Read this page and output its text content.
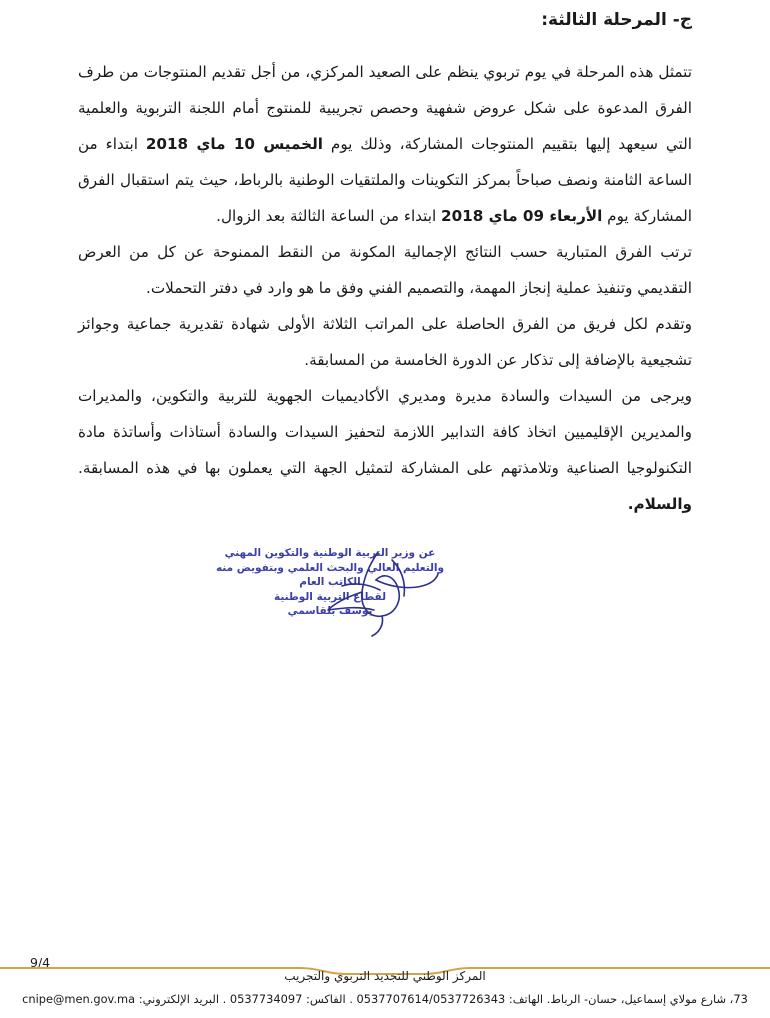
ج- المرحلة الثالثة:

تتمثل هذه المرحلة في يوم تربوي ينظم على الصعيد المركزي، من أجل تقديم المنتوجات من طرف الفرق المدعوة على شكل عروض شفهية وحصص تجريبية للمنتوج أمام اللجنة التربوية والعلمية التي سيعهد إليها بتقييم المنتوجات المشاركة، وذلك يوم الخميس 10 ماي 2018 ابتداء من الساعة الثامنة ونصف صباحاً بمركز التكوينات والملتقيات الوطنية بالرباط، حيث يتم استقبال الفرق المشاركة يوم الأربعاء 09 ماي 2018 ابتداء من الساعة الثالثة بعد الزوال.

ترتب الفرق المتبارية حسب النتائج الإجمالية المكونة من النقط الممنوحة عن كل من العرض التقديمي وتنفيذ عملية إنجاز المهمة، والتصميم الفني وفق ما هو وارد في دفتر التحملات.

وتقدم لكل فريق من الفرق الحاصلة على المراتب الثلاثة الأولى شهادة تقديرية جماعية وجوائز تشجيعية بالإضافة إلى تذكار عن الدورة الخامسة من المسابقة.

ويرجى من السيدات والسادة مديرة ومديري الأكاديميات الجهوية للتربية والتكوين، والمديرات والمديرين الإقليميين اتخاذ كافة التدابير اللازمة لتحفيز السيدات والسادة أستاذات وأساتذة مادة التكنولوجيا الصناعية وتلامذتهم على المشاركة لتمثيل الجهة التي يعملون بها في هذه المسابقة. والسلام.

عن وزير التربية الوطنية والتكوين المهني
والتعليم العالي والبحث العلمي وبتفويض منه
الكاتب العام
لقطاع التربية الوطنية
يوسف بلقاسمي
9/4
المركز الوطني للتجديد التربوي والتجريب
73، شارع مولاي إسماعيل، حسان- الرباط. الهاتف: 0537707614/0537726343 . الفاكس: 0537734097 . البريد الإلكتروني: cnipe@men.gov.ma
